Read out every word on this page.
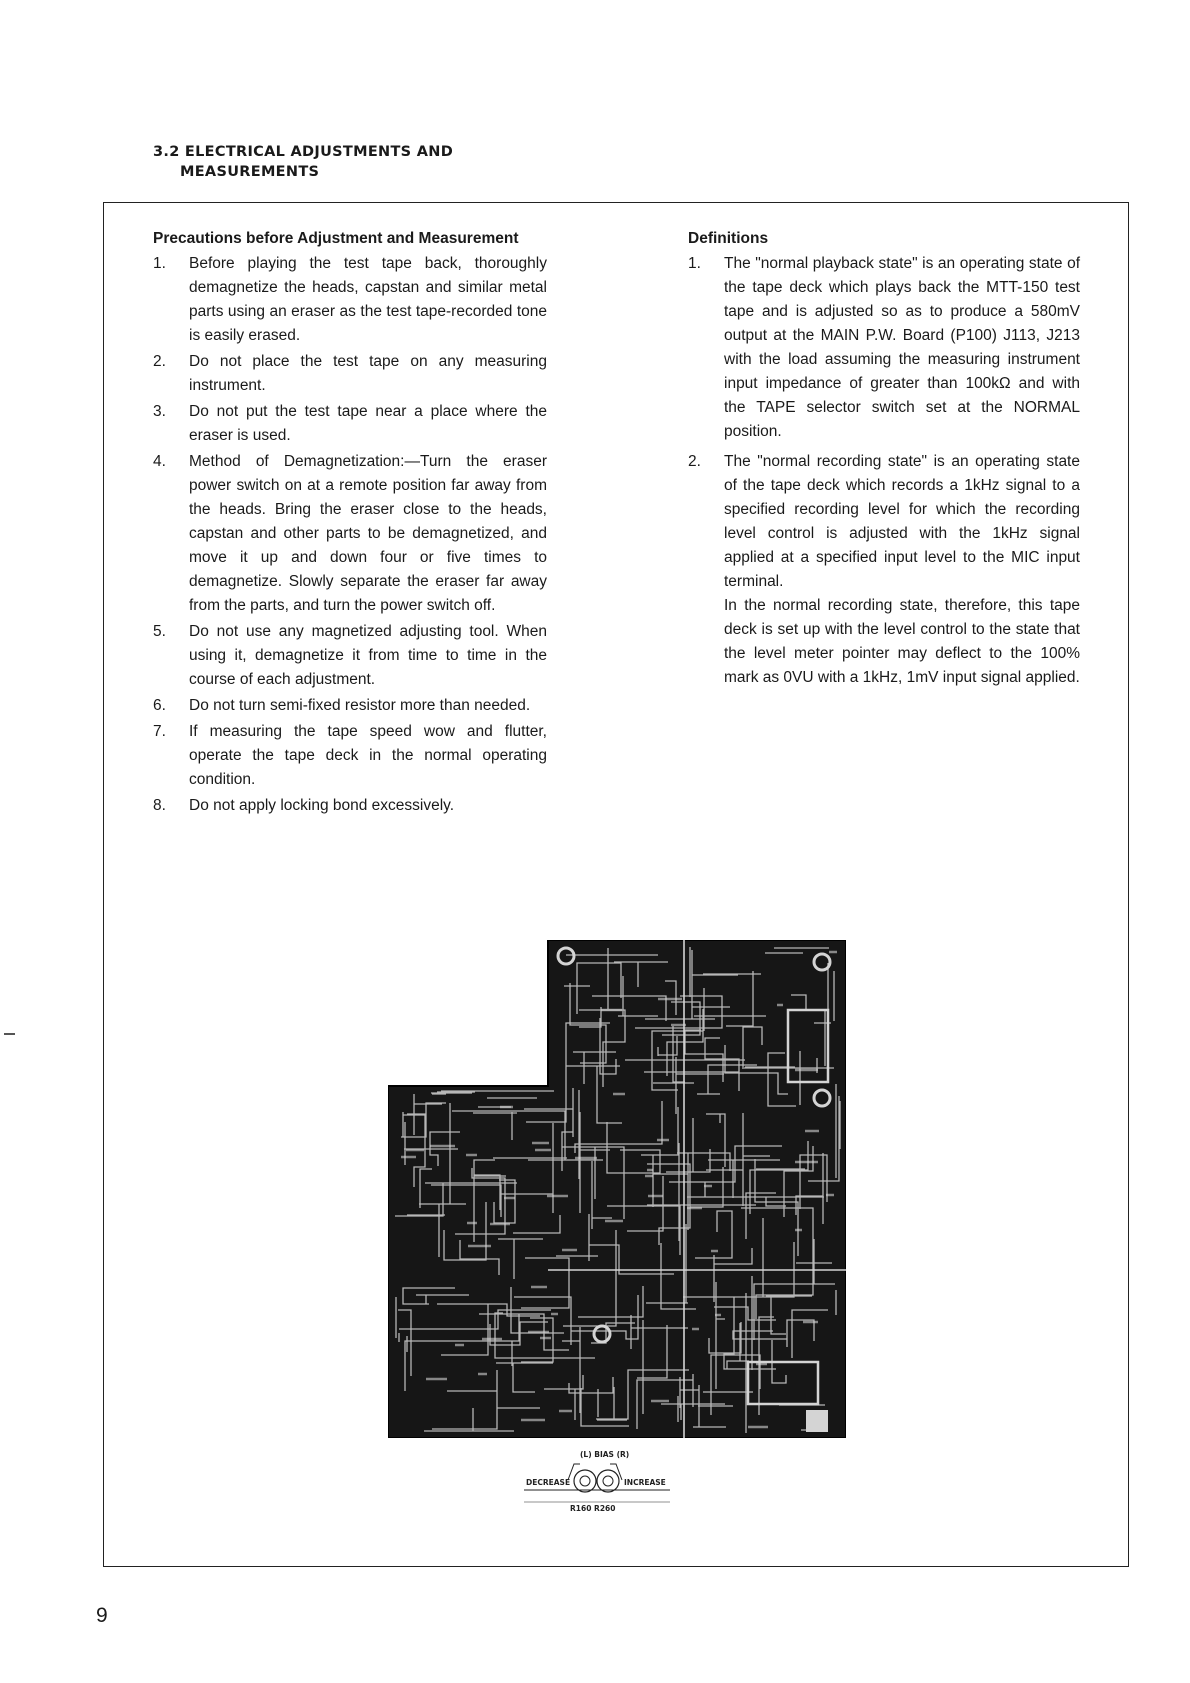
3.2 ELECTRICAL ADJUSTMENTS AND
MEASUREMENTS
Precautions before Adjustment and Measurement
1. Before playing the test tape back, thoroughly demagnetize the heads, capstan and similar metal parts using an eraser as the test tape-recorded tone is easily erased.
2. Do not place the test tape on any measuring instrument.
3. Do not put the test tape near a place where the eraser is used.
4. Method of Demagnetization:—Turn the eraser power switch on at a remote position far away from the heads. Bring the eraser close to the heads, capstan and other parts to be demagnetized, and move it up and down four or five times to demagnetize. Slowly separate the eraser far away from the parts, and turn the power switch off.
5. Do not use any magnetized adjusting tool. When using it, demagnetize it from time to time in the course of each adjustment.
6. Do not turn semi-fixed resistor more than needed.
7. If measuring the tape speed wow and flutter, operate the tape deck in the normal operating condition.
8. Do not apply locking bond excessively.
Definitions
1. The "normal playback state" is an operating state of the tape deck which plays back the MTT-150 test tape and is adjusted so as to produce a 580mV output at the MAIN P.W. Board (P100) J113, J213 with the load assuming the measuring instrument input impedance of greater than 100kΩ and with the TAPE selector switch set at the NORMAL position.
2. The "normal recording state" is an operating state of the tape deck which records a 1kHz signal to a specified recording level for which the recording level control is adjusted with the 1kHz signal applied at a specified input level to the MIC input terminal.
In the normal recording state, therefore, this tape deck is set up with the level control to the state that the level meter pointer may deflect to the 100% mark as 0VU with a 1kHz, 1mV input signal applied.
(L) BIAS (R)
DECREASE	INCREASE
R160 R260
9
